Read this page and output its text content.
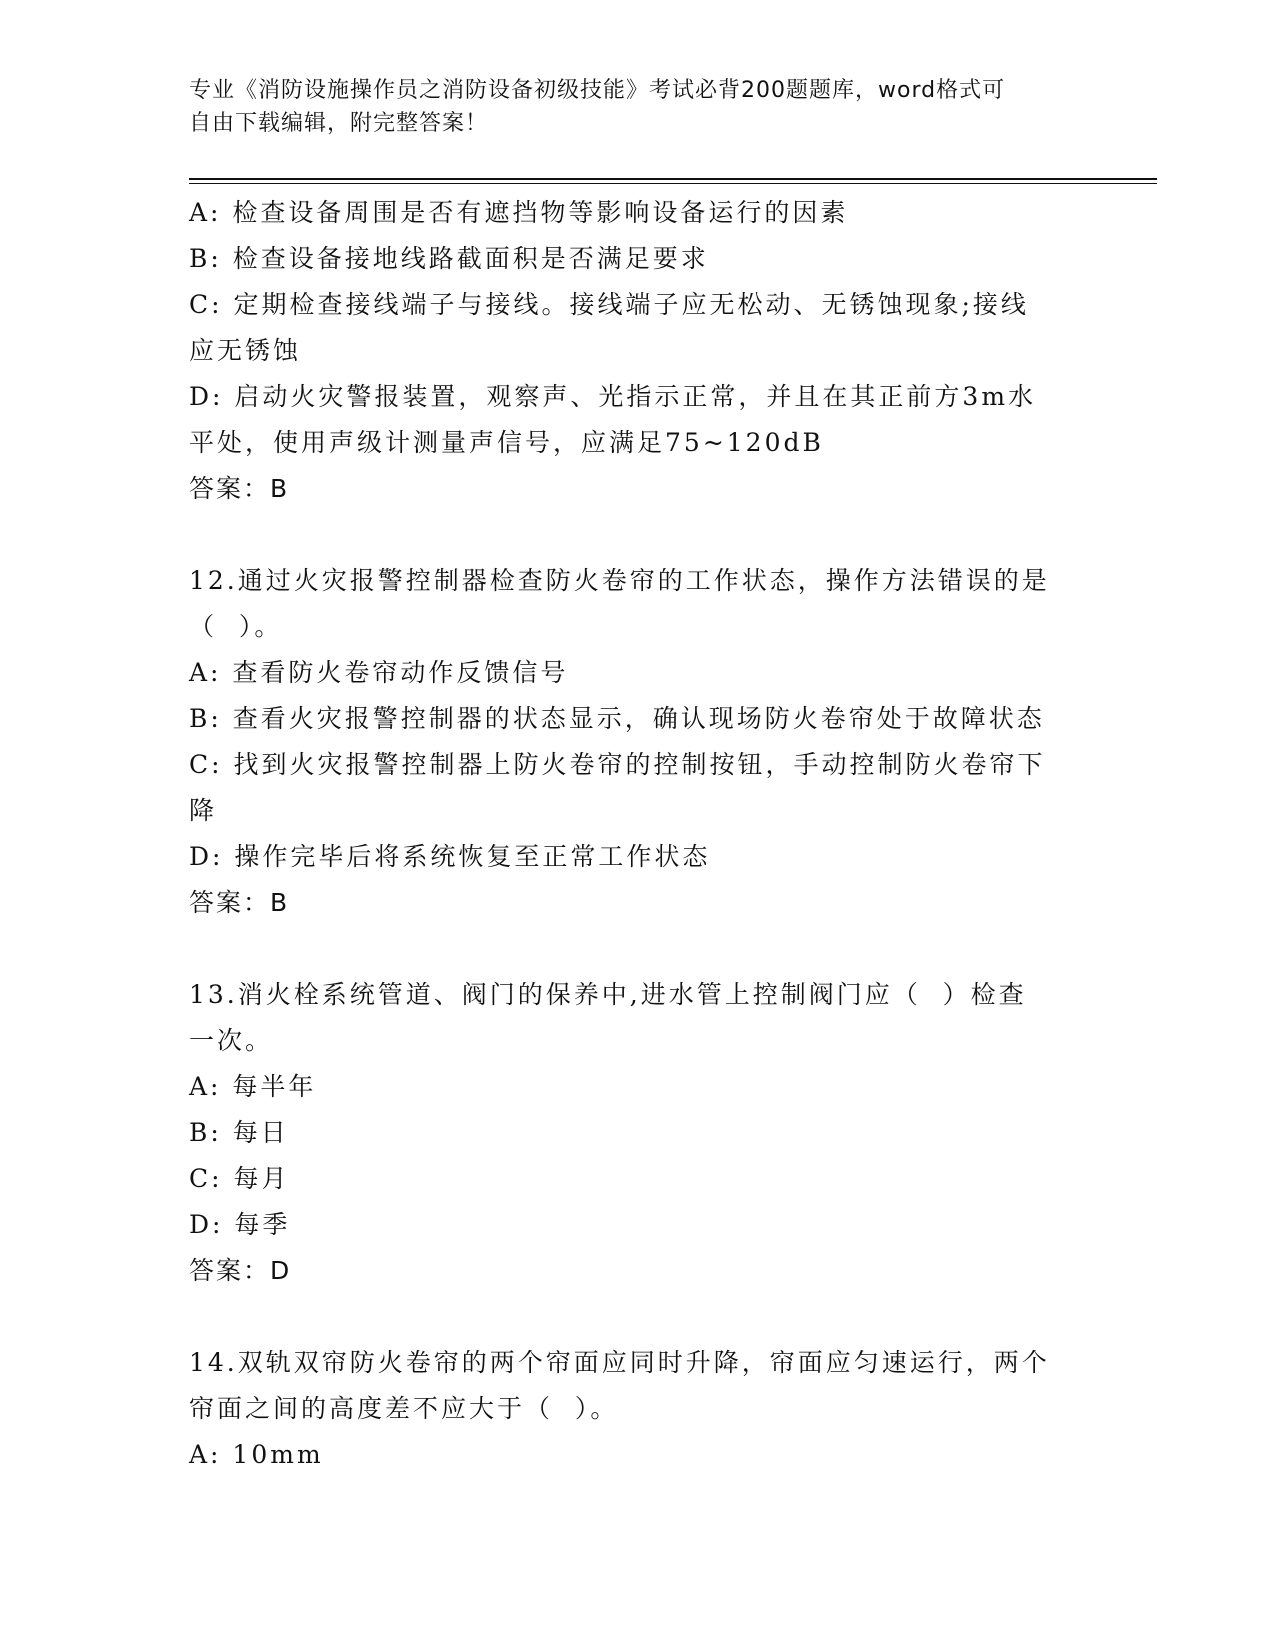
专业《消防设施操作员之消防设备初级技能》考试必背200题题库，word格式可
自由下载编辑，附完整答案！
A: 检查设备周围是否有遮挡物等影响设备运行的因素
B: 检查设备接地线路截面积是否满足要求
C: 定期检查接线端子与接线。接线端子应无松动、无锈蚀现象;接线
应无锈蚀
D: 启动火灾警报装置，观察声、光指示正常，并且在其正前方3m水
平处，使用声级计测量声信号，应满足75~120dB
答案：B
12.通过火灾报警控制器检查防火卷帘的工作状态，操作方法错误的是
（  ）。
A: 查看防火卷帘动作反馈信号
B: 查看火灾报警控制器的状态显示，确认现场防火卷帘处于故障状态
C: 找到火灾报警控制器上防火卷帘的控制按钮，手动控制防火卷帘下
降
D: 操作完毕后将系统恢复至正常工作状态
答案：B
13.消火栓系统管道、阀门的保养中,进水管上控制阀门应（  ）检查
一次。
A: 每半年
B: 每日
C: 每月
D: 每季
答案：D
14.双轨双帘防火卷帘的两个帘面应同时升降，帘面应匀速运行，两个
帘面之间的高度差不应大于（  ）。
A: 10mm
